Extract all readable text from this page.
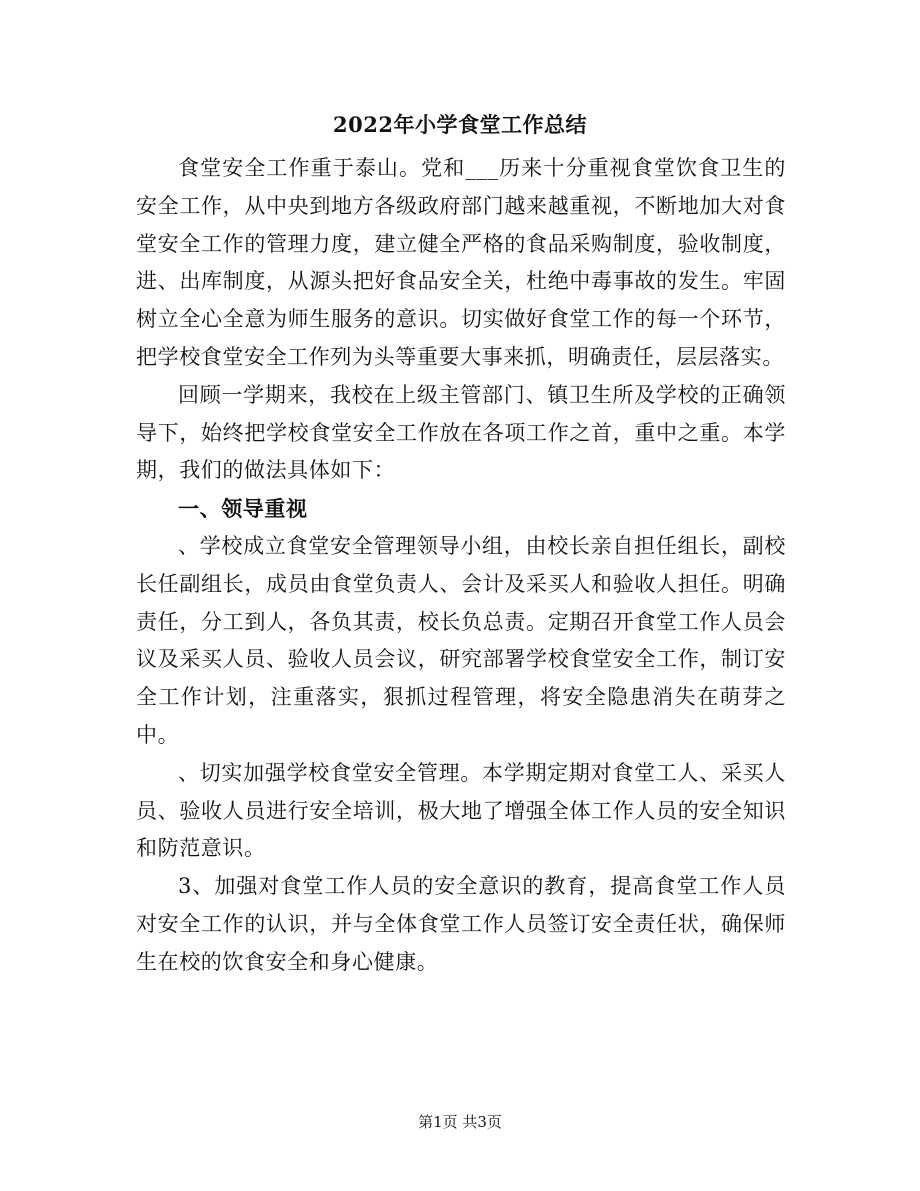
2022年小学食堂工作总结

食堂安全工作重于泰山。党和___历来十分重视食堂饮食卫生的安全工作，从中央到地方各级政府部门越来越重视，不断地加大对食堂安全工作的管理力度，建立健全严格的食品采购制度，验收制度，进、出库制度，从源头把好食品安全关，杜绝中毒事故的发生。牢固树立全心全意为师生服务的意识。切实做好食堂工作的每一个环节，把学校食堂安全工作列为头等重要大事来抓，明确责任，层层落实。

回顾一学期来，我校在上级主管部门、镇卫生所及学校的正确领导下，始终把学校食堂安全工作放在各项工作之首，重中之重。本学期，我们的做法具体如下：

一、领导重视

、学校成立食堂安全管理领导小组，由校长亲自担任组长，副校长任副组长，成员由食堂负责人、会计及采买人和验收人担任。明确责任，分工到人，各负其责，校长负总责。定期召开食堂工作人员会议及采买人员、验收人员会议，研究部署学校食堂安全工作，制订安全工作计划，注重落实，狠抓过程管理，将安全隐患消失在萌芽之中。

、切实加强学校食堂安全管理。本学期定期对食堂工人、采买人员、验收人员进行安全培训，极大地了增强全体工作人员的安全知识和防范意识。

3、加强对食堂工作人员的安全意识的教育，提高食堂工作人员对安全工作的认识，并与全体食堂工作人员签订安全责任状，确保师生在校的饮食安全和身心健康。

第1页 共3页
